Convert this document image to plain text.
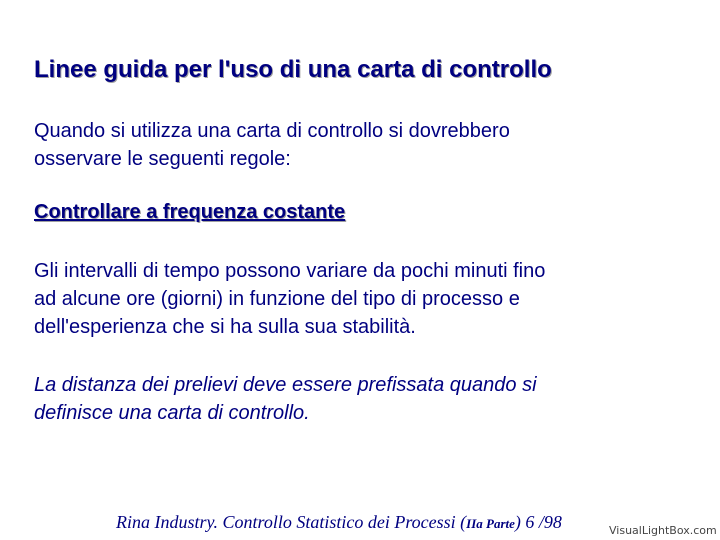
Linee guida per l'uso di una carta di controllo
Quando si utilizza una carta di controllo si dovrebbero
osservare le seguenti regole:
Controllare a frequenza costante
Gli intervalli di tempo possono variare da pochi minuti fino
ad alcune ore (giorni) in funzione del tipo di processo e
dell'esperienza che si ha sulla sua stabilità.
La distanza dei prelievi deve essere prefissata quando si
definisce una carta di controllo.
Rina Industry. Controllo Statistico dei Processi (IIa Parte) 6 /98	VisualLightBox.com
